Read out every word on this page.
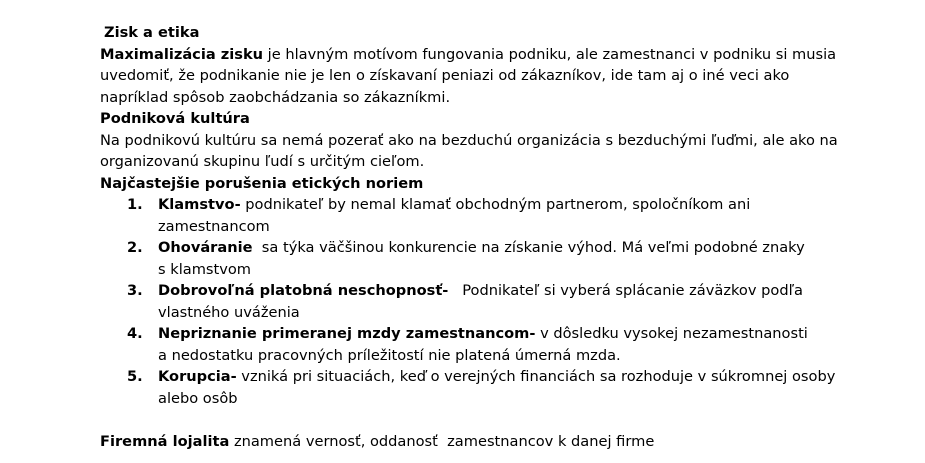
Zisk a etika
Maximalizácia zisku je hlavným motívom fungovania podniku, ale zamestnanci v podniku si musia
uvedomiť, že podnikanie nie je len o získavaní peniazi od zákazníkov, ide tam aj o iné veci ako
napríklad spôsob zaobchádzania so zákazníkmi.
Podniková kultúra
Na podnikovú kultúru sa nemá pozerať ako na bezduchú organizácia s bezduchými ľuďmi, ale ako na
organizovanú skupinu ľudí s určitým cieľom.
Najčastejšie porušenia etických noriem
1. Klamstvo- podnikateľ by nemal klamať obchodným partnerom, spoločníkom ani
zamestnancom
2. Ohováranie  sa týka väčšinou konkurencie na získanie výhod. Má veľmi podobné znaky
s klamstvom
3. Dobrovoľná platobná neschopnosť-   Podnikateľ si vyberá splácanie záväzkov podľa
vlastného uváženia
4. Nepriznanie primeranej mzdy zamestnancom- v dôsledku vysokej nezamestnanosti
a nedostatku pracovných príležitostí nie platená úmerná mzda.
5. Korupcia- vzniká pri situaciách, keď o verejných financiách sa rozhoduje v súkromnej osoby
alebo osôb
Firemná lojalita znamená vernosť, oddanosť  zamestnancov k danej firme
